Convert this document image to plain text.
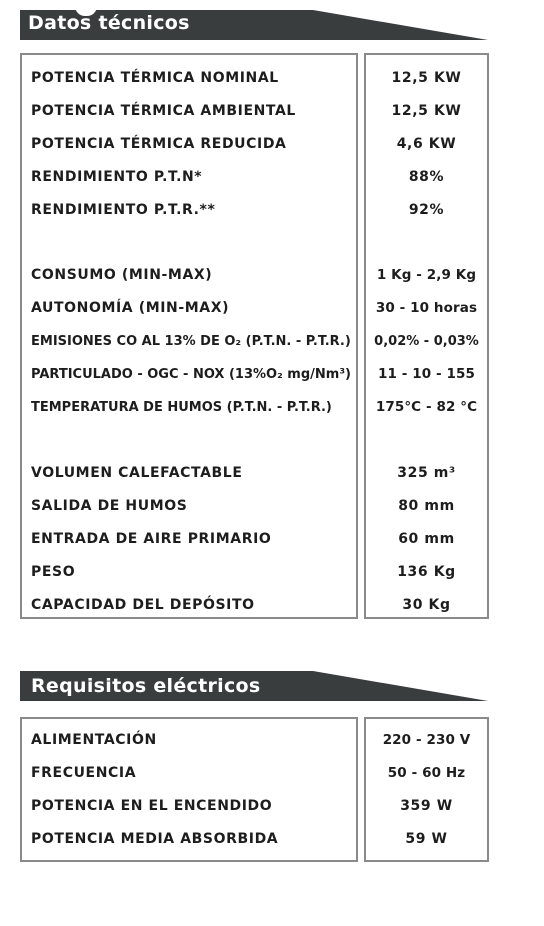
Datos técnicos
POTENCIA TÉRMICA NOMINAL
POTENCIA TÉRMICA AMBIENTAL
POTENCIA TÉRMICA REDUCIDA
RENDIMIENTO P.T.N*
RENDIMIENTO P.T.R.**
CONSUMO (MIN-MAX)
AUTONOMÍA (MIN-MAX)
EMISIONES CO AL 13% DE O₂ (P.T.N. - P.T.R.)
PARTICULADO - OGC - NOX (13%O₂ mg/Nm³)
TEMPERATURA DE HUMOS (P.T.N. - P.T.R.)
VOLUMEN CALEFACTABLE
SALIDA DE HUMOS
ENTRADA DE AIRE PRIMARIO
PESO
CAPACIDAD DEL DEPÓSITO
12,5 KW
12,5 KW
4,6 KW
88%
92%
1 Kg - 2,9 Kg
30 - 10 horas
0,02% - 0,03%
11 - 10 - 155
175°C - 82 °C
325 m³
80 mm
60 mm
136 Kg
30 Kg
Requisitos eléctricos
ALIMENTACIÓN
FRECUENCIA
POTENCIA EN EL ENCENDIDO
POTENCIA MEDIA ABSORBIDA
220 - 230 V
50 - 60 Hz
359 W
59 W
